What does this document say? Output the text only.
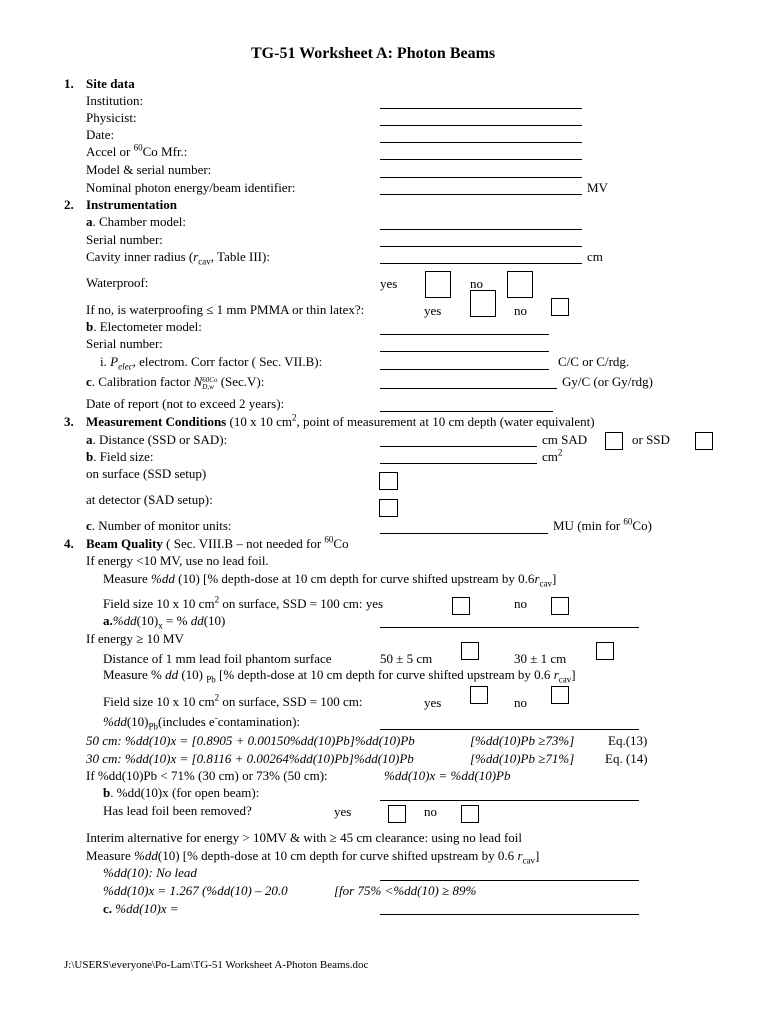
TG-51 Worksheet A: Photon Beams
1. Site data
Institution:
Physicist:
Date:
Accel or $^{60}$Co Mfr.:
Model & serial number:
Nominal photon energy/beam identifier:	MV
2. Instrumentation
a. Chamber model:
Serial number:
Cavity inner radius ($r_{cav}$, Table III):	cm
Waterproof:	yes	no
If no, is waterproofing ≤ 1 mm PMMA or thin latex?:	yes	no
b. Electometer model:
Serial number:
i. $P_{elec}$, electrom. Corr factor ( Sec. VII.B):	C/C or C/rdg.
c. Calibration factor N 60Co
D,w (Sec.V):	Gy/C (or Gy/rdg)
Date of report (not to exceed 2 years):
3. Measurement Conditions (10 x 10 $cm^2$, point of measurement at 10 cm depth (water equivalent)
a. Distance (SSD or SAD):	cm SAD	or SSD
b. Field size:	$cm^2$
on surface (SSD setup)
at detector (SAD setup):
c. Number of monitor units:	MU (min for $^{60}$Co)
4. Beam Quality ( Sec. VIII.B – not needed for $^{60}$Co
If energy <10 MV, use no lead foil.
Measure %dd (10) [% depth-dose at 10 cm depth for curve shifted upstream by $0.6r_{cav}$]
Field size 10 x 10 $cm^2$ on surface, SSD = 100 cm: yes	no
$a.\%dd(10)_x$ = % dd(10)
If energy ≥ 10 MV
Distance of 1 mm lead foil phantom surface	50 ± 5 cm	30 ± 1 cm
Measure % dd (10) $_{Pb}$ [% depth-dose at 10 cm depth for curve shifted upstream by 0.6 $r_{cav}$]
Field size 10 x 10 $cm^2$ on surface, SSD = 100 cm:	yes	no
$\%dd(10)_{Pb}(includes$ e-contamination):
50 cm: %dd(10)x = [0.8905 + 0.00150%dd(10)Pb]%dd(10)Pb	[%dd(10)Pb ≥73%]	Eq.(13)
30 cm: %dd(10)x = [0.8116 + 0.00264%dd(10)Pb]%dd(10)Pb	[%dd(10)Pb ≥71%] Eq. (14)
If %dd(10)Pb < 71% (30 cm) or 73% (50 cm):	%dd(10)x = %dd(10)Pb
b. %dd(10)x (for open beam):
Has lead foil been removed?	yes	no
Interim alternative for energy > 10MV & with ≥ 45 cm clearance: using no lead foil
Measure %dd(10) [% depth-dose at 10 cm depth for curve shifted upstream by 0.6 $r_{cav}$]
%dd(10): No lead
%dd(10)x = 1.267 (%dd(10) – 20.0	[for 75% <%dd(10) ≥ 89%
c. %dd(10)x =
J:\USERS\everyone\Po-Lam\TG-51 Worksheet A-Photon Beams.doc
